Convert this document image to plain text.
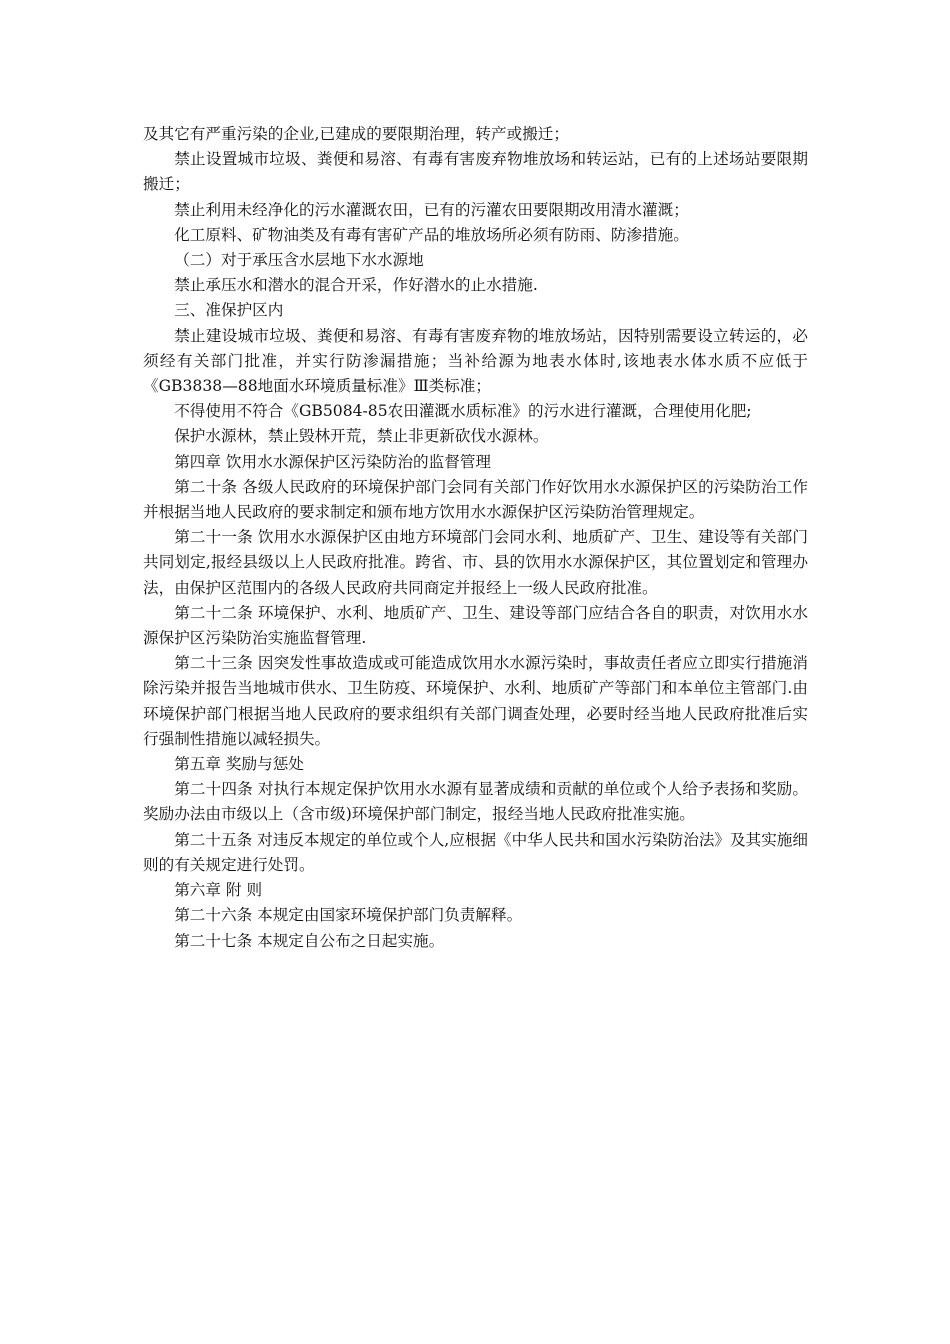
及其它有严重污染的企业,已建成的要限期治理，转产或搬迁；

禁止设置城市垃圾、粪便和易溶、有毒有害废弃物堆放场和转运站，已有的上述场站要限期搬迁；

禁止利用未经净化的污水灌溉农田，已有的污灌农田要限期改用清水灌溉；

化工原料、矿物油类及有毒有害矿产品的堆放场所必须有防雨、防渗措施。

（二）对于承压含水层地下水水源地

禁止承压水和潜水的混合开采，作好潜水的止水措施.

三、准保护区内

禁止建设城市垃圾、粪便和易溶、有毒有害废弃物的堆放场站，因特别需要设立转运的，必须经有关部门批准，并实行防渗漏措施；当补给源为地表水体时,该地表水体水质不应低于《GB3838—88地面水环境质量标准》Ⅲ类标准；

不得使用不符合《GB5084-85农田灌溉水质标准》的污水进行灌溉，合理使用化肥;

保护水源林，禁止毁林开荒，禁止非更新砍伐水源林。

第四章 饮用水水源保护区污染防治的监督管理

第二十条 各级人民政府的环境保护部门会同有关部门作好饮用水水源保护区的污染防治工作并根据当地人民政府的要求制定和颁布地方饮用水水源保护区污染防治管理规定。

第二十一条 饮用水水源保护区由地方环境部门会同水利、地质矿产、卫生、建设等有关部门共同划定,报经县级以上人民政府批准。跨省、市、县的饮用水水源保护区，其位置划定和管理办法，由保护区范围内的各级人民政府共同商定并报经上一级人民政府批准。

第二十二条 环境保护、水利、地质矿产、卫生、建设等部门应结合各自的职责，对饮用水水源保护区污染防治实施监督管理.

第二十三条 因突发性事故造成或可能造成饮用水水源污染时，事故责任者应立即实行措施消除污染并报告当地城市供水、卫生防疫、环境保护、水利、地质矿产等部门和本单位主管部门.由环境保护部门根据当地人民政府的要求组织有关部门调查处理，必要时经当地人民政府批准后实行强制性措施以减轻损失。

第五章 奖励与惩处

第二十四条 对执行本规定保护饮用水水源有显著成绩和贡献的单位或个人给予表扬和奖励。奖励办法由市级以上（含市级)环境保护部门制定，报经当地人民政府批准实施。

第二十五条 对违反本规定的单位或个人,应根据《中华人民共和国水污染防治法》及其实施细则的有关规定进行处罚。

第六章 附 则

第二十六条 本规定由国家环境保护部门负责解释。

第二十七条 本规定自公布之日起实施。
